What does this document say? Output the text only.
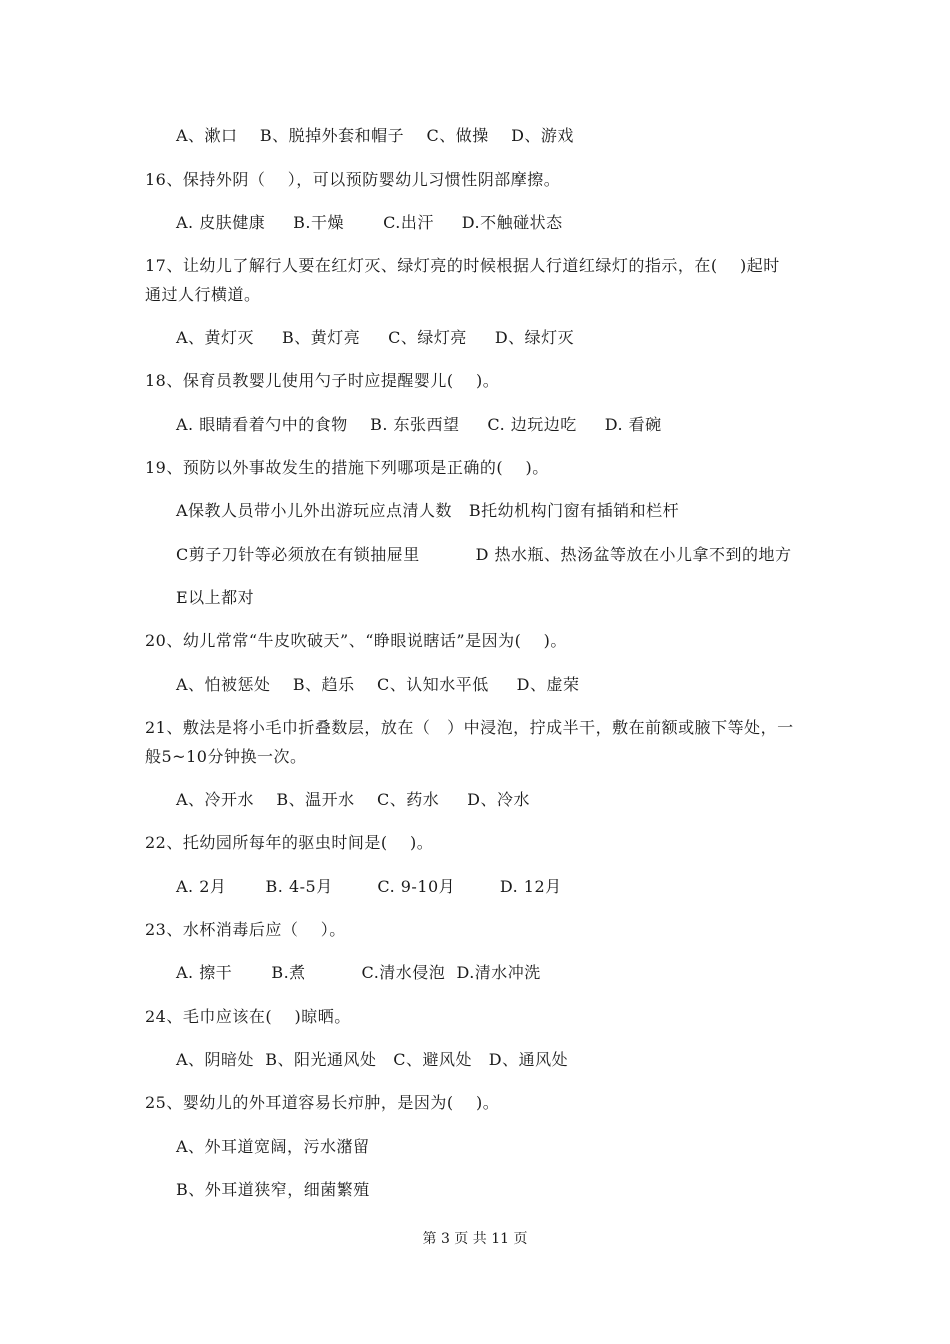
A、漱口    B、脱掉外套和帽子    C、做操    D、游戏
16、保持外阴（    ），可以预防婴幼儿习惯性阴部摩擦。
A. 皮肤健康     B.干燥       C.出汗     D.不触碰状态
17、让幼儿了解行人要在红灯灭、绿灯亮的时候根据人行道红绿灯的指示，在(    )起时
通过人行横道。
A、黄灯灭     B、黄灯亮     C、绿灯亮     D、绿灯灭
18、保育员教婴儿使用勺子时应提醒婴儿(    )。
A. 眼睛看着勺中的食物    B. 东张西望     C. 边玩边吃     D. 看碗
19、预防以外事故发生的措施下列哪项是正确的(    )。
A保教人员带小儿外出游玩应点清人数   B托幼机构门窗有插销和栏杆
C剪子刀针等必须放在有锁抽屉里          D 热水瓶、热汤盆等放在小儿拿不到的地方
E以上都对
20、幼儿常常“牛皮吹破天”、“睁眼说瞎话”是因为(    )。
A、怕被惩处    B、趋乐    C、认知水平低     D、虚荣
21、敷法是将小毛巾折叠数层，放在（   ）中浸泡，拧成半干，敷在前额或腋下等处，一
般5~10分钟换一次。
A、冷开水    B、温开水    C、药水     D、冷水
22、托幼园所每年的驱虫时间是(    )。
A. 2月       B. 4-5月        C. 9-10月        D. 12月
23、水杯消毒后应（    ）。
A. 擦干       B.煮          C.清水侵泡  D.清水冲洗
24、毛巾应该在(    )晾晒。
A、阴暗处  B、阳光通风处   C、避风处   D、通风处
25、婴幼儿的外耳道容易长疖肿，是因为(    )。
A、外耳道宽阔，污水潴留
B、外耳道狭窄，细菌繁殖
第 3 页 共 11 页
